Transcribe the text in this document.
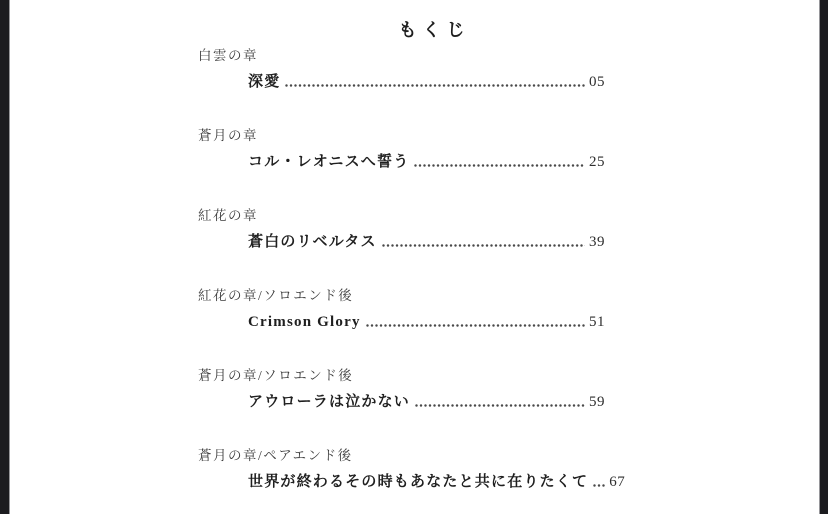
もくじ
白雲の章
深愛	05
蒼月の章
コル・レオニスへ誓う	25
紅花の章
蒼白のリベルタス	39
紅花の章/ソロエンド後
Crimson Glory	51
蒼月の章/ソロエンド後
アウローラは泣かない	59
蒼月の章/ペアエンド後
世界が終わるその時もあなたと共に在りたくて 67
